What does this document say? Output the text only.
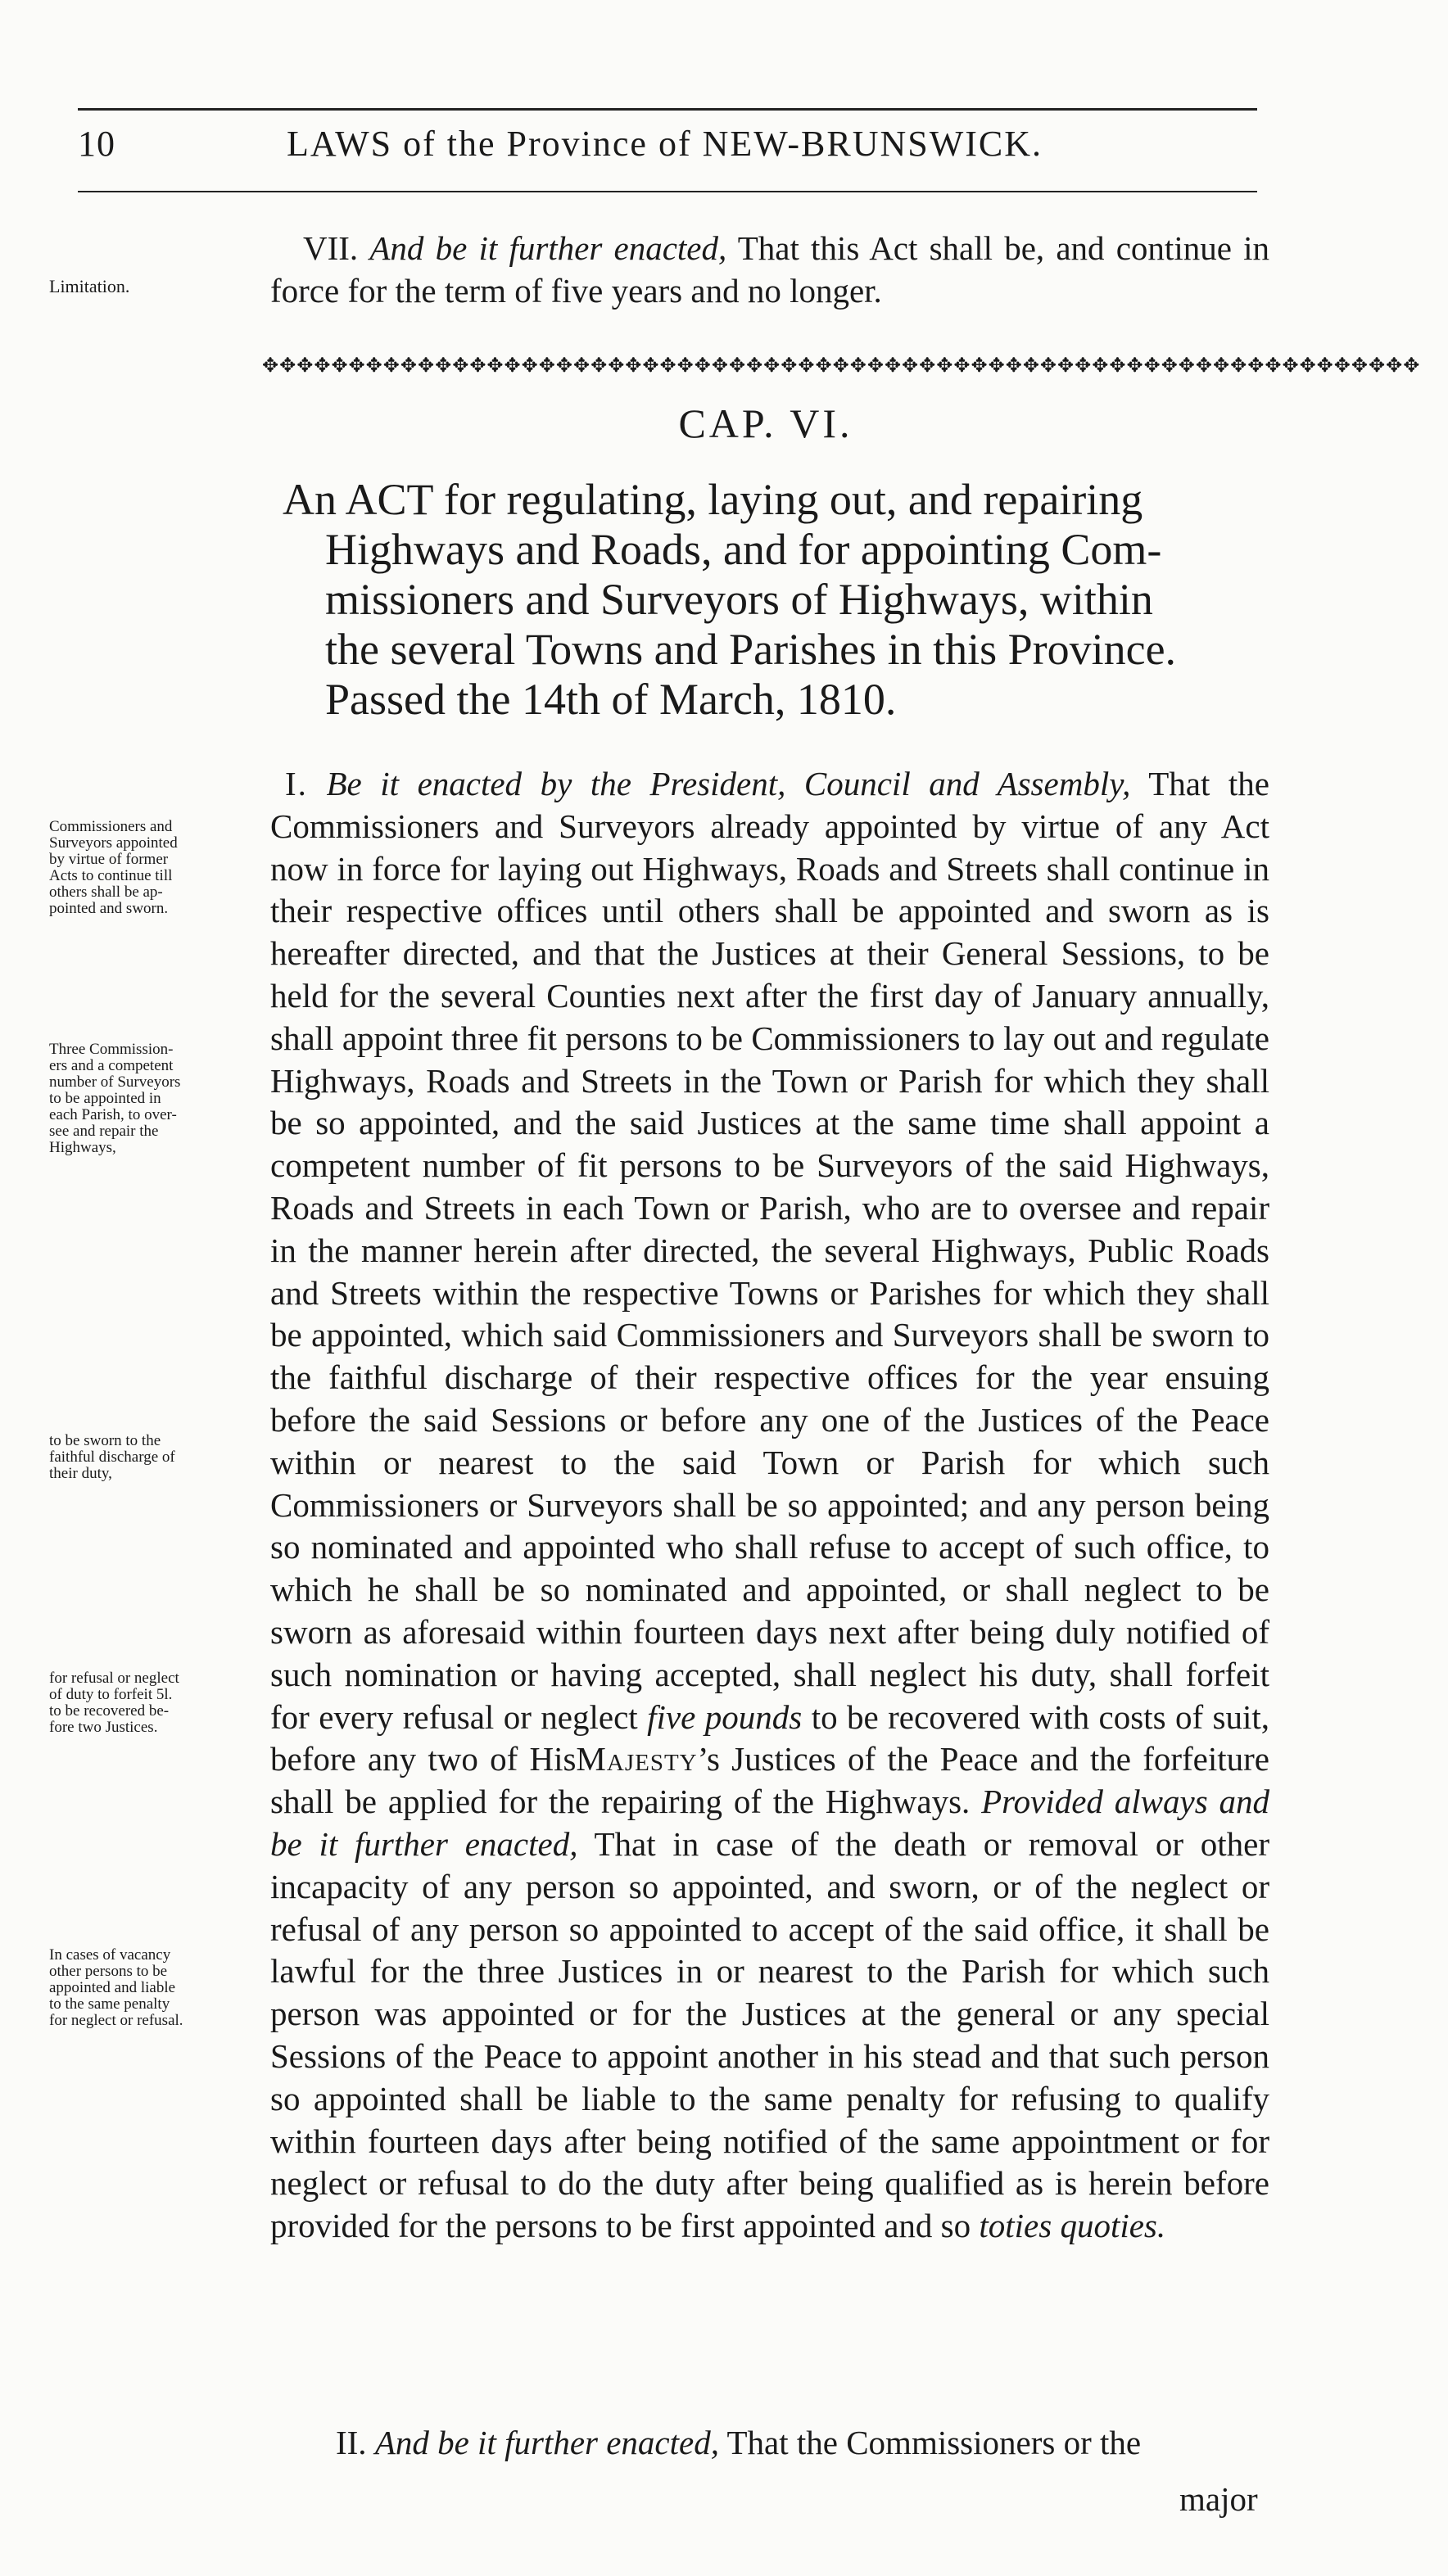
10	LAWS of the Province of NEW-BRUNSWICK.

VII. And be it further enacted, That this Act shall be, and continue in force for the term of five years and no longer.

Limitation.
✥✥✥✥✥✥✥✥✥✥✥✥✥✥✥✥✥✥✥✥✥✥✥✥✥✥✥✥✥✥✥✥✥✥✥✥✥✥✥✥✥✥✥✥✥✥✥✥✥✥✥✥✥✥✥✥✥✥✥✥✥✥✥✥✥✥✥
CAP. VI.
An ACT for regulating, laying out, and repairing
Highways and Roads, and for appointing Com-
missioners and Surveyors of Highways, within
the several Towns and Parishes in this Province.
Passed the 14th of March, 1810.

I. Be it enacted by the President, Council and Assembly, That the Commissioners and Surveyors already appointed by virtue of any Act now in force for laying out Highways, Roads and Streets shall continue in their respective offices until others shall be appointed and sworn as is hereafter directed, and that the Justices at their General Sessions, to be held for the several Counties next after the first day of January annually, shall appoint three fit persons to be Commissioners to lay out and regulate Highways, Roads and Streets in the Town or Parish for which they shall be so appointed, and the said Justices at the same time shall appoint a competent number of fit persons to be Surveyors of the said Highways, Roads and Streets in each Town or Parish, who are to oversee and repair in the manner herein after directed, the several Highways, Public Roads and Streets within the respective Towns or Parishes for which they shall be appointed, which said Commissioners and Surveyors shall be sworn to the faithful discharge of their respective offices for the year ensuing before the said Sessions or before any one of the Justices of the Peace within or nearest to the said Town or Parish for which such Commissioners or Surveyors shall be so appointed; and any person being so nominated and appointed who shall refuse to accept of such office, to which he shall be so nominated and appointed, or shall neglect to be sworn as aforesaid within fourteen days next after being duly notified of such nomination or having accepted, shall neglect his duty, shall forfeit for every refusal or neglect five pounds to be recovered with costs of suit, before any two of HisMajesty’s Justices of the Peace and the forfeiture shall be applied for the repairing of the Highways. Provided always and be it further enacted, That in case of the death or removal or other incapacity of any person so appointed, and sworn, or of the neglect or refusal of any person so appointed to accept of the said office, it shall be lawful for the three Justices in or nearest to the Parish for which such person was appointed or for the Justices at the general or any special Sessions of the Peace to appoint another in his stead and that such person so appointed shall be liable to the same penalty for refusing to qualify within fourteen days after being notified of the same appointment or for neglect or refusal to do the duty after being qualified as is herein before provided for the persons to be first appointed and so toties quoties.

Commissioners and
Surveyors appointed
by virtue of former
Acts to continue till
others shall be ap-
pointed and sworn.
Three Commission-
ers and a competent
number of Surveyors
to be appointed in
each Parish, to over-
see and repair the
Highways,
to be sworn to the
faithful discharge of
their duty,
for refusal or neglect
of duty to forfeit 5l.
to be recovered be-
fore two Justices.
In cases of vacancy
other persons to be
appointed and liable
to the same penalty
for neglect or refusal.

II. And be it further enacted, That the Commissioners or the

major
